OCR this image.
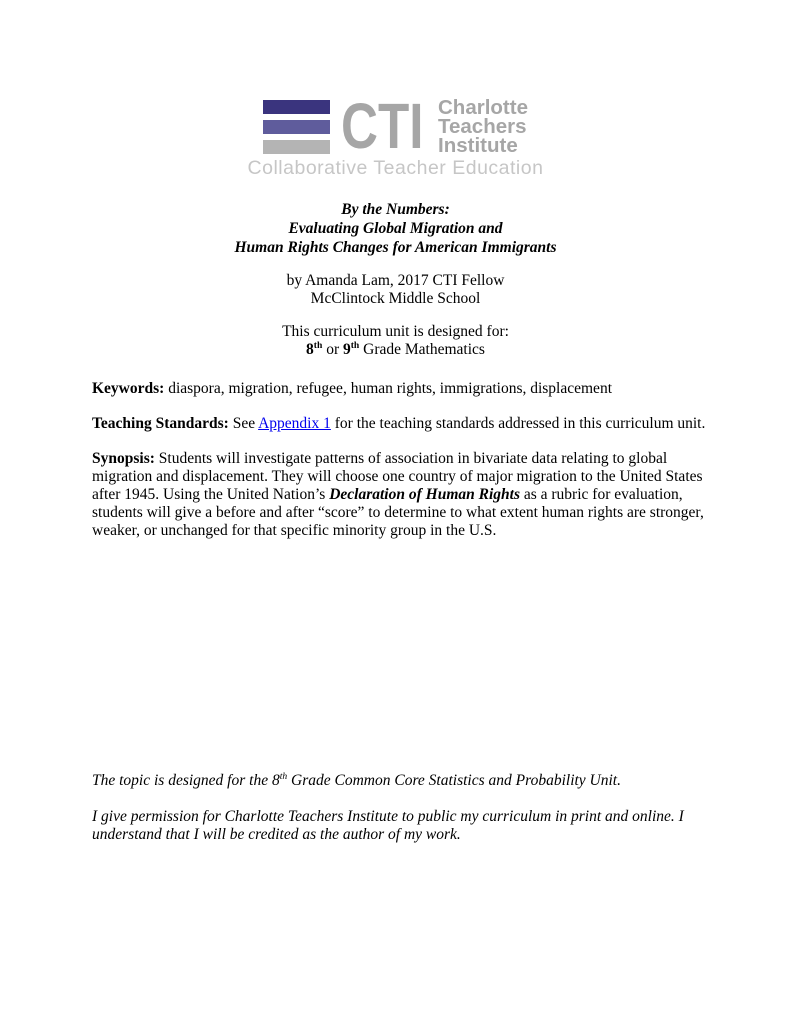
CTI Charlotte
Teachers
Institute
Collaborative Teacher Education
By the Numbers:
Evaluating Global Migration and
Human Rights Changes for American Immigrants
by Amanda Lam, 2017 CTI Fellow
McClintock Middle School
This curriculum unit is designed for:
8th or 9th Grade Mathematics

Keywords: diaspora, migration, refugee, human rights, immigrations, displacement

Teaching Standards: See Appendix 1 for the teaching standards addressed in this curriculum unit.

Synopsis: Students will investigate patterns of association in bivariate data relating to global migration and displacement. They will choose one country of major migration to the United States after 1945. Using the United Nation’s Declaration of Human Rights as a rubric for evaluation, students will give a before and after “score” to determine to what extent human rights are stronger, weaker, or unchanged for that specific minority group in the U.S.

The topic is designed for the 8th Grade Common Core Statistics and Probability Unit.

I give permission for Charlotte Teachers Institute to public my curriculum in print and online. I understand that I will be credited as the author of my work.
